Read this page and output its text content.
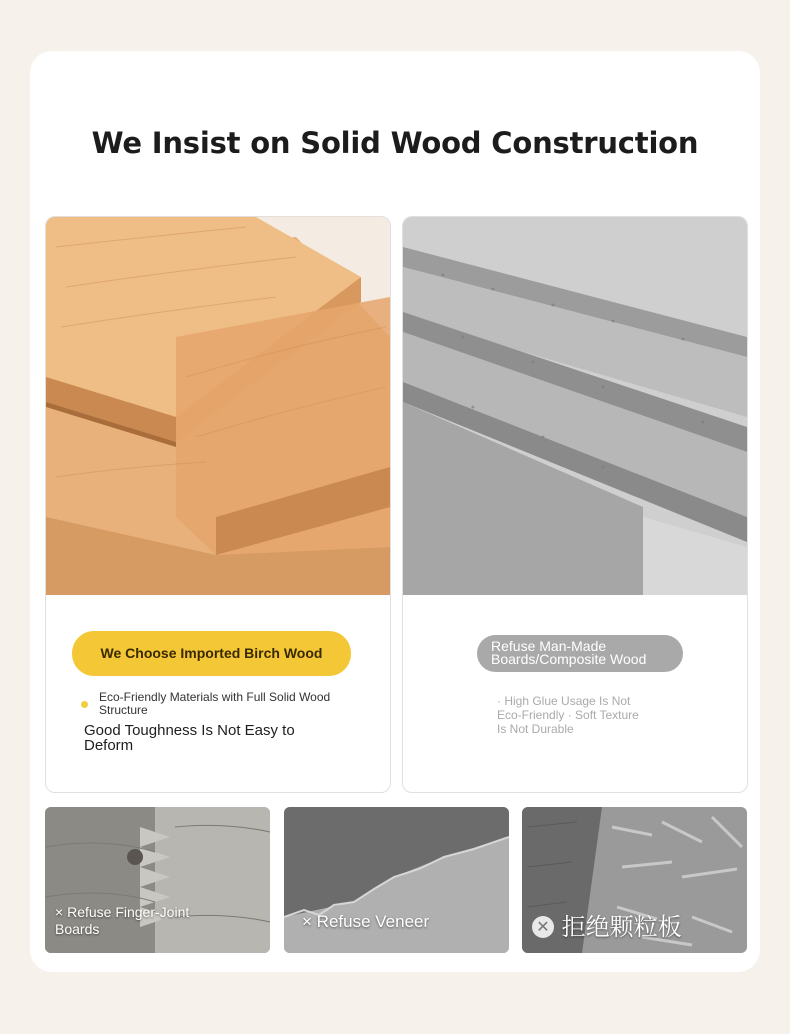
We Insist on Solid Wood Construction
We Choose Imported Birch Wood
Eco-Friendly Materials with Full Solid Wood Structure
Good Toughness Is Not Easy to Deform
Refuse Man-Made Boards/Composite Wood
· High Glue Usage Is Not Eco-Friendly · Soft Texture Is Not Durable
× Refuse Finger-Joint Boards	× Refuse Veneer	✕ 拒绝颗粒板
